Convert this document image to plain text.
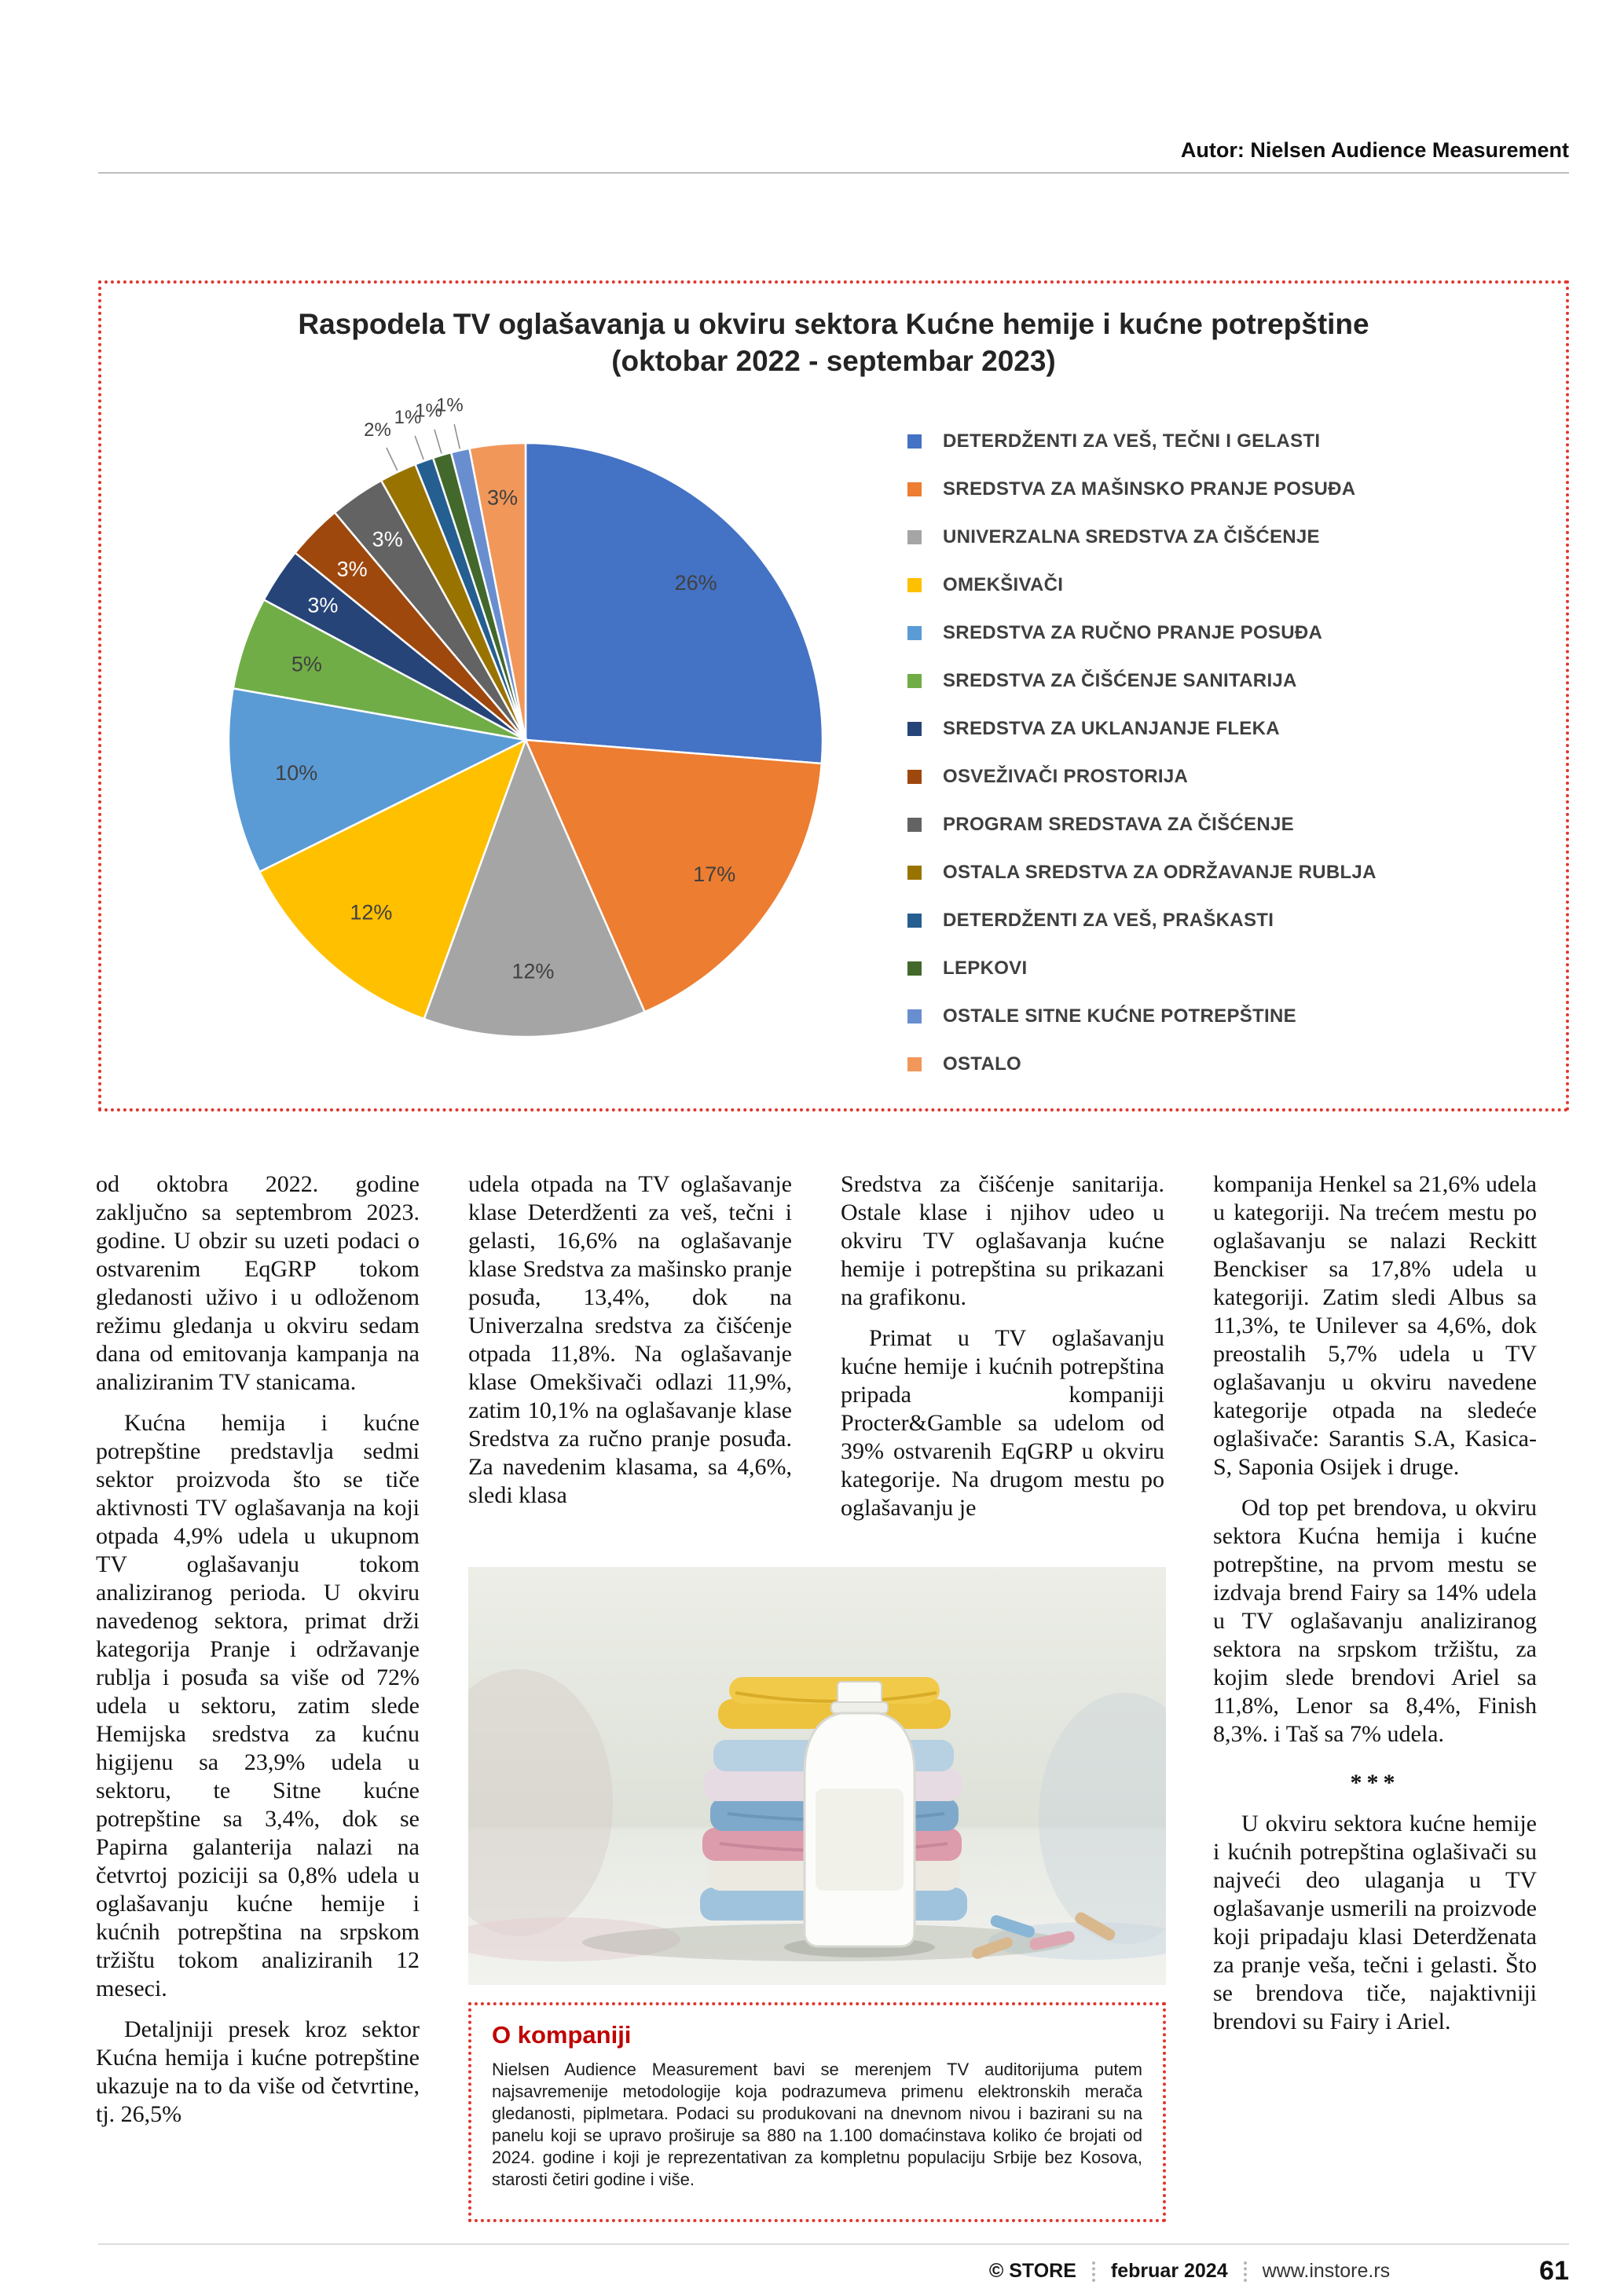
Autor: Nielsen Audience Measurement
Raspodela TV oglašavanja u okviru sektora Kućne hemije i kućne potrepštine
(oktobar 2022 - septembar 2023)
26%
17%
12%
12%
10%
5%
3%
3%
3%
2%
1%
1%
1%
3%
DETERDŽENTI ZA VEŠ, TEČNI I GELASTI
SREDSTVA ZA MAŠINSKO PRANJE POSUĐA
UNIVERZALNA SREDSTVA ZA ČIŠĆENJE
OMEKŠIVAČI
SREDSTVA ZA RUČNO PRANJE POSUĐA
SREDSTVA ZA ČIŠĆENJE SANITARIJA
SREDSTVA ZA UKLANJANJE FLEKA
OSVEŽIVAČI PROSTORIJA
PROGRAM SREDSTAVA ZA ČIŠĆENJE
OSTALA SREDSTVA ZA ODRŽAVANJE RUBLJA
DETERDŽENTI ZA VEŠ, PRAŠKASTI
LEPKOVI
OSTALE SITNE KUĆNE POTREPŠTINE
OSTALO

od oktobra 2022. godine zaključno sa septembrom 2023. godine. U obzir su uzeti podaci o ostvarenim EqGRP tokom gledanosti uživo i u odloženom režimu gledanja u okviru sedam dana od emitovanja kampanja na analiziranim TV stanicama.

Kućna hemija i kućne potrepštine predstavlja sedmi sektor proizvoda što se tiče aktivnosti TV oglašavanja na koji otpada 4,9% udela u ukupnom TV oglašavanju tokom analiziranog perioda. U okviru navedenog sektora, primat drži kategorija Pranje i održavanje rublja i posuđa sa više od 72% udela u sektoru, zatim slede Hemijska sredstva za kućnu higijenu sa 23,9% udela u sektoru, te Sitne kućne potrepštine sa 3,4%, dok se Papirna galanterija nalazi na četvrtoj poziciji sa 0,8% udela u oglašavanju kućne hemije i kućnih potrepština na srpskom tržištu tokom analiziranih 12 meseci.

Detaljniji presek kroz sektor Kućna hemija i kućne potrepštine ukazuje na to da više od četvrtine, tj. 26,5%

udela otpada na TV oglašavanje klase Deterdženti za veš, tečni i gelasti, 16,6% na oglašavanje klase Sredstva za mašinsko pranje posuđa, 13,4%, dok na Univerzalna sredstva za čišćenje otpada 11,8%. Na oglašavanje klase Omekšivači odlazi 11,9%, zatim 10,1% na oglašavanje klase Sredstva za ručno pranje posuđa. Za navedenim klasama, sa 4,6%, sledi klasa

Sredstva za čišćenje sanitarija. Ostale klase i njihov udeo u okviru TV oglašavanja kućne hemije i potrepština su prikazani na grafikonu.

Primat u TV oglašavanju kućne hemije i kućnih potrepština pripada kompaniji Procter&Gamble sa udelom od 39% ostvarenih EqGRP u okviru kategorije. Na drugom mestu po oglašavanju je

kompanija Henkel sa 21,6% udela u kategoriji. Na trećem mestu po oglašavanju se nalazi Reckitt Benckiser sa 17,8% udela u kategoriji. Zatim sledi Albus sa 11,3%, te Unilever sa 4,6%, dok preostalih 5,7% udela u TV oglašavanju u okviru navedene kategorije otpada na sledeće oglašivače: Sarantis S.A, Kasica-S, Saponia Osijek i druge.

Od top pet brendova, u okviru sektora Kućna hemija i kućne potrepštine, na prvom mestu se izdvaja brend Fairy sa 14% udela u TV oglašavanju analiziranog sektora na srpskom tržištu, za kojim slede brendovi Ariel sa 11,8%, Lenor sa 8,4%, Finish 8,3%. i Taš sa 7% udela.

***

U okviru sektora kućne hemije i kućnih potrepština oglašivači su najveći deo ulaganja u TV oglašavanje usmerili na proizvode koji pripadaju klasi Deterdženata za pranje veša, tečni i gelasti. Što se brendova tiče, najaktivniji brendovi su Fairy i Ariel.

O kompaniji

Nielsen Audience Measurement bavi se merenjem TV auditorijuma putem najsavremenije metodologije koja podrazumeva primenu elektronskih merača gledanosti, piplmetara. Podaci su produkovani na dnevnom nivou i bazirani su na panelu koji se upravo proširuje sa 880 na 1.100 domaćinstava koliko će brojati od 2024. godine i koji je reprezentativan za kompletnu populaciju Srbije bez Kosova, starosti četiri godine i više.

© STORE februar 2024 www.instore.rs	61
